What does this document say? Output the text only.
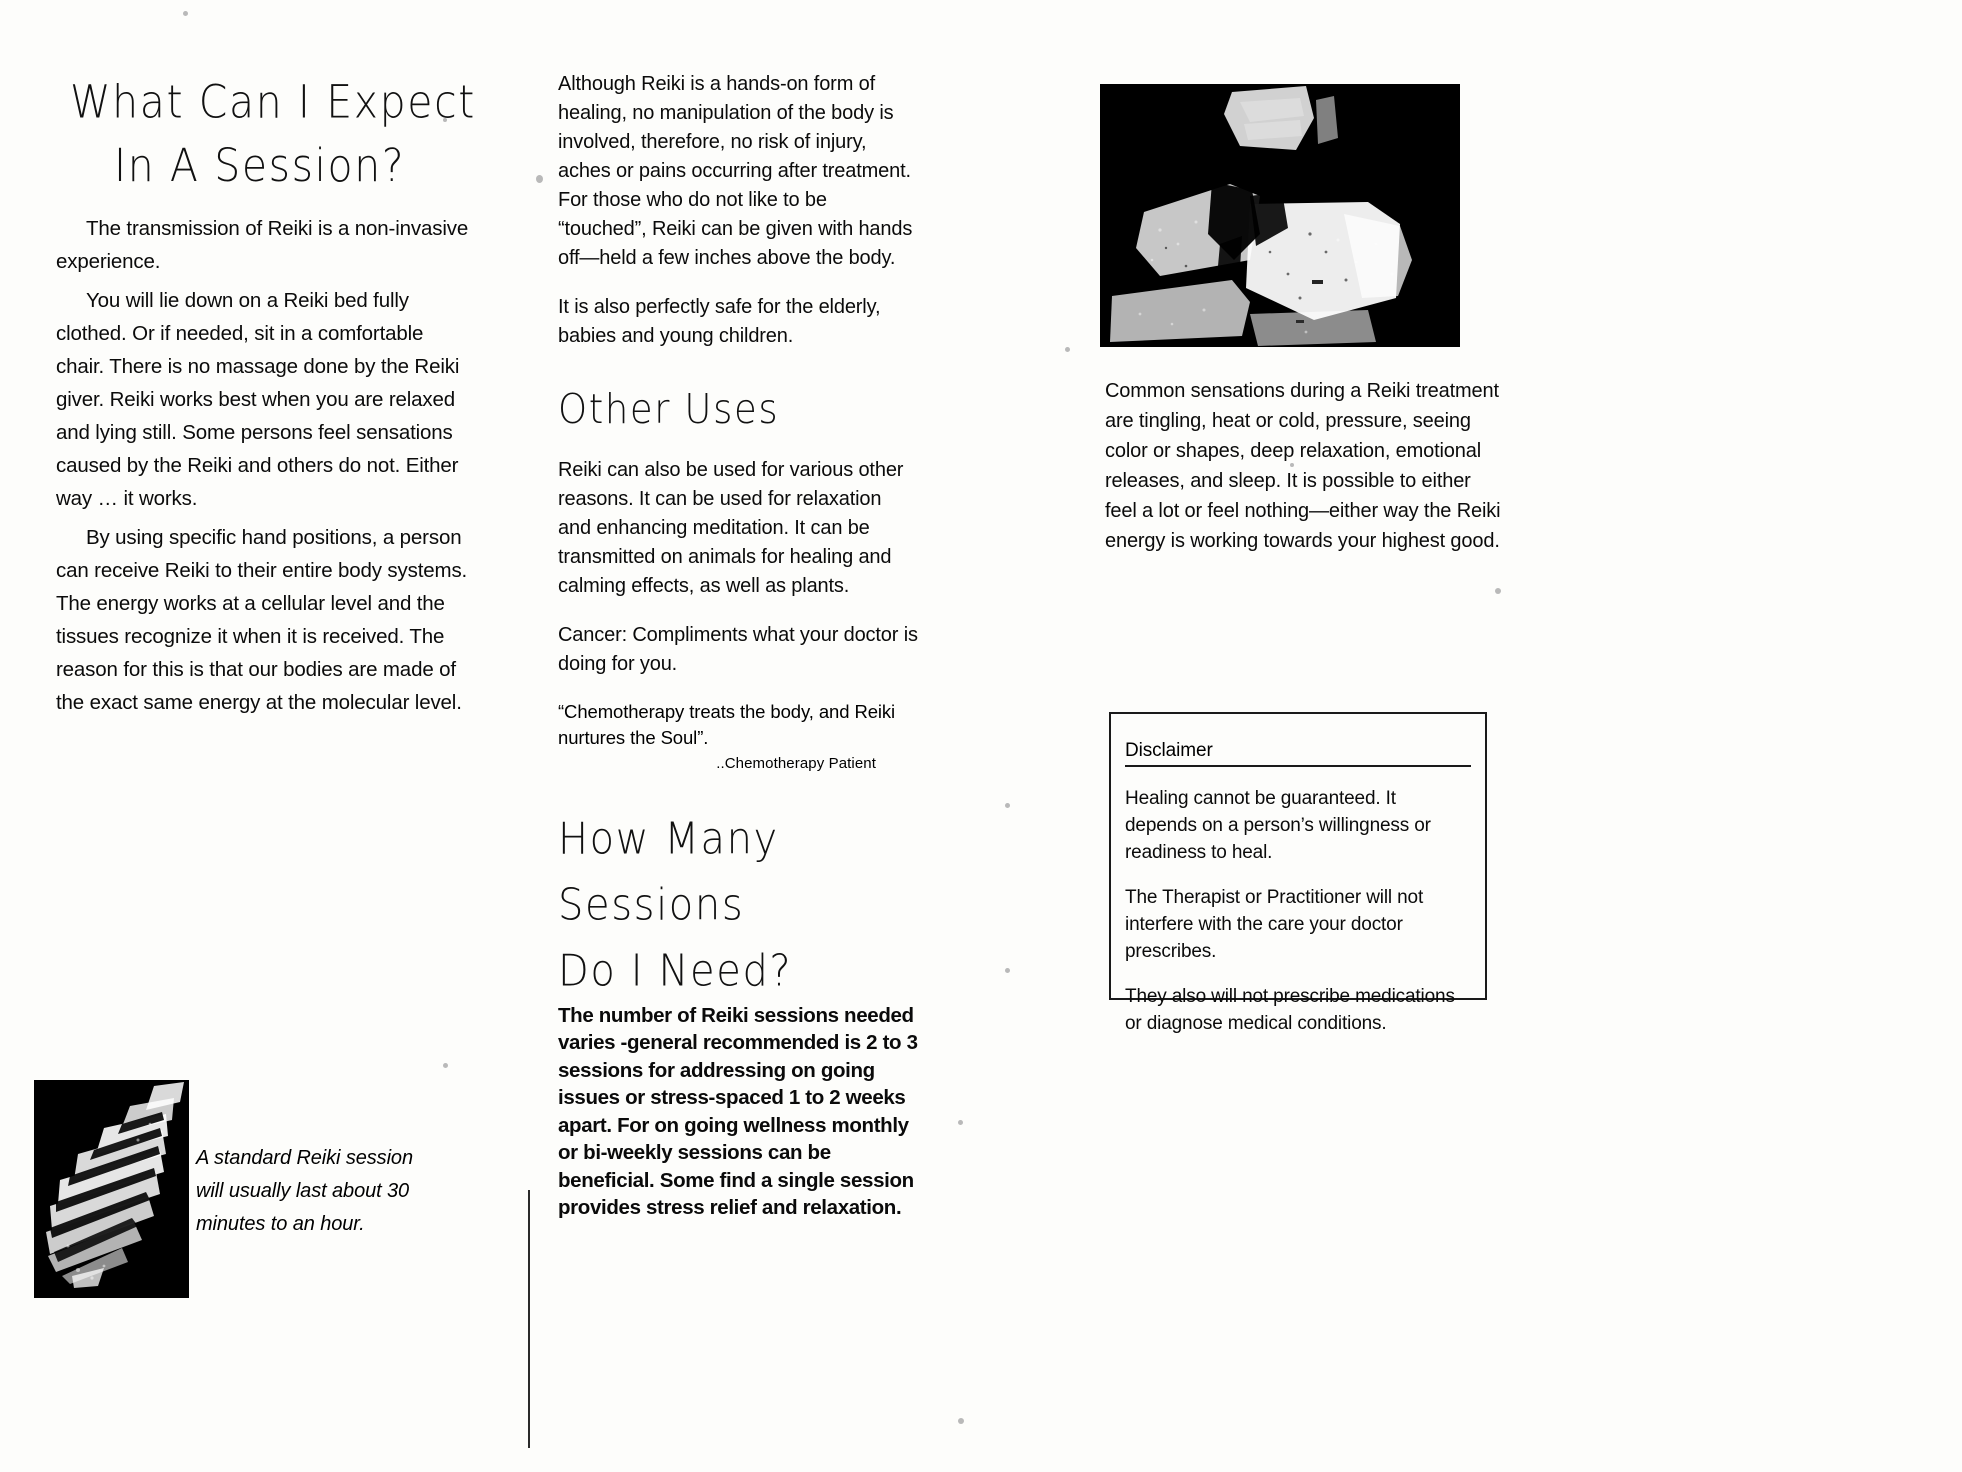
What Can I Expect
In A Session?

The transmission of Reiki is a non-invasive experience.

You will lie down on a Reiki bed fully clothed. Or if needed, sit in a comfortable chair. There is no massage done by the Reiki giver. Reiki works best when you are relaxed and lying still. Some persons feel sensations caused by the Reiki and others do not. Either way … it works.

By using specific hand positions, a person can receive Reiki to their entire body systems. The energy works at a cellular level and the tissues recognize it when it is received. The reason for this is that our bodies are made of the exact same energy at the molecular level.

A standard Reiki session will usually last about 30 minutes to an hour.

Although Reiki is a hands-on form of healing, no manipulation of the body is involved, therefore, no risk of injury, aches or pains occurring after treatment. For those who do not like to be “touched”, Reiki can be given with hands off—held a few inches above the body.

It is also perfectly safe for the elderly, babies and young children.

Other Uses

Reiki can also be used for various other reasons. It can be used for relaxation and enhancing meditation. It can be transmitted on animals for healing and calming effects, as well as plants.

Cancer: Compliments what your doctor is doing for you.

“Chemotherapy treats the body, and Reiki nurtures the Soul”.

..Chemotherapy Patient

How Many Sessions
Do I Need?

The number of Reiki sessions needed varies -general recommended is 2 to 3 sessions for addressing on going issues or stress-spaced 1 to 2 weeks apart. For on going wellness monthly or bi-weekly sessions can be beneficial. Some find a single session provides stress relief and relaxation.

Common sensations during a Reiki treatment are tingling, heat or cold, pressure, seeing color or shapes, deep relaxation, emotional releases, and sleep. It is possible to either feel a lot or feel nothing—either way the Reiki energy is working towards your highest good.

Disclaimer

Healing cannot be guaranteed. It depends on a person’s willingness or readiness to heal.

The Therapist or Practitioner will not interfere with the care your doctor prescribes.

They also will not prescribe medications or diagnose medical conditions.
